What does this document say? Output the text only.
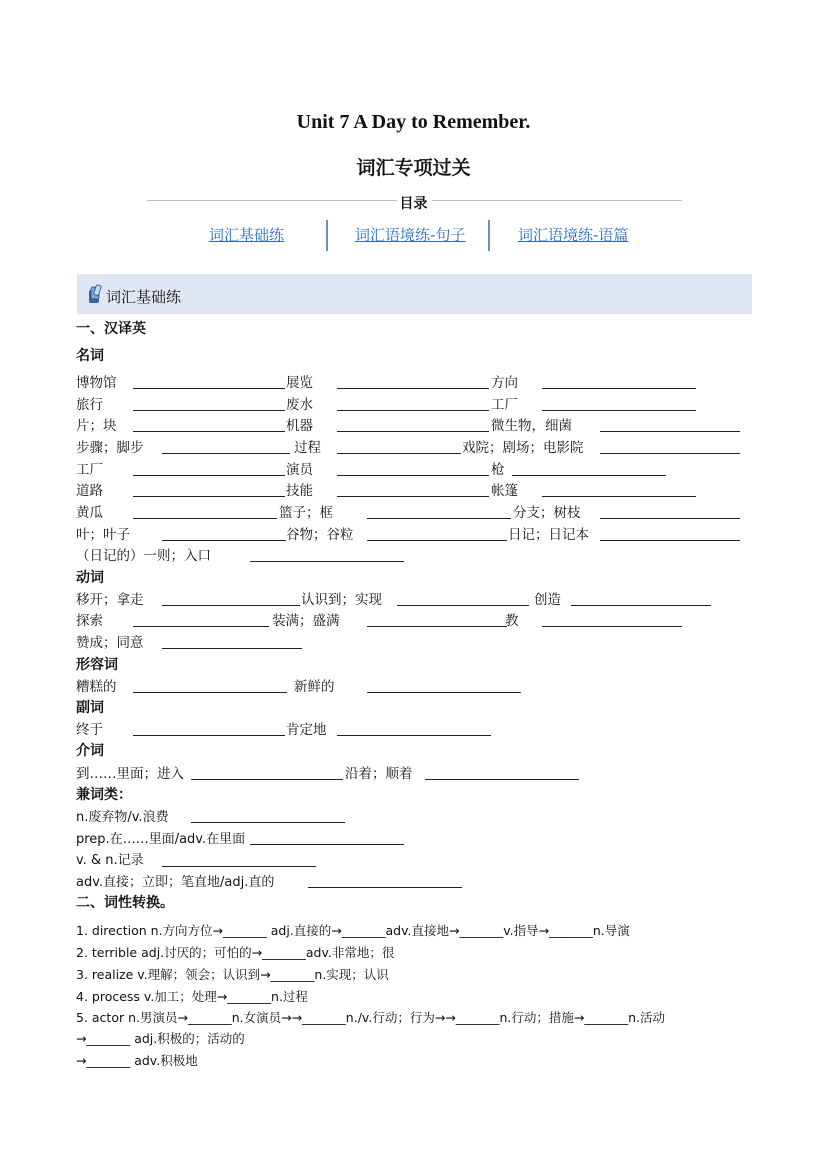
Unit 7 A Day to Remember.
词汇专项过关
目录
词汇基础练	词汇语境练-句子	词汇语境练-语篇
词汇基础练
一、汉译英
名词
博物馆	展览	方向
旅行	废水	工厂
片；块	机器	微生物，细菌
步骤；脚步	过程	戏院；剧场；电影院
工厂	演员	枪
道路	技能	帐篷
黄瓜	篮子；框	分支；树枝
叶；叶子	谷物；谷粒	日记；日记本
（日记的）一则；入口
动词
移开；拿走	认识到；实现	创造
探索	装满；盛满	教
赞成；同意
形容词
糟糕的	新鲜的
副词
终于	肯定地
介词
到……里面；进入	沿着；顺着
兼词类：
n.废弃物/v.浪费
prep.在……里面/adv.在里面
v. & n.记录
adv.直接；立即；笔直地/adj.直的
二、词性转换。
1. direction n.方向方位→_______ adj.直接的→_______adv.直接地→_______v.指导→_______n.导演
2. terrible adj.讨厌的；可怕的→_______adv.非常地；很
3. realize v.理解；领会；认识到→_______n.实现；认识
4. process v.加工；处理→_______n.过程
5. actor n.男演员→_______n.女演员→→_______n./v.行动；行为→→_______n.行动；措施→_______n.活动
→_______ adj.积极的；活动的
→_______ adv.积极地
